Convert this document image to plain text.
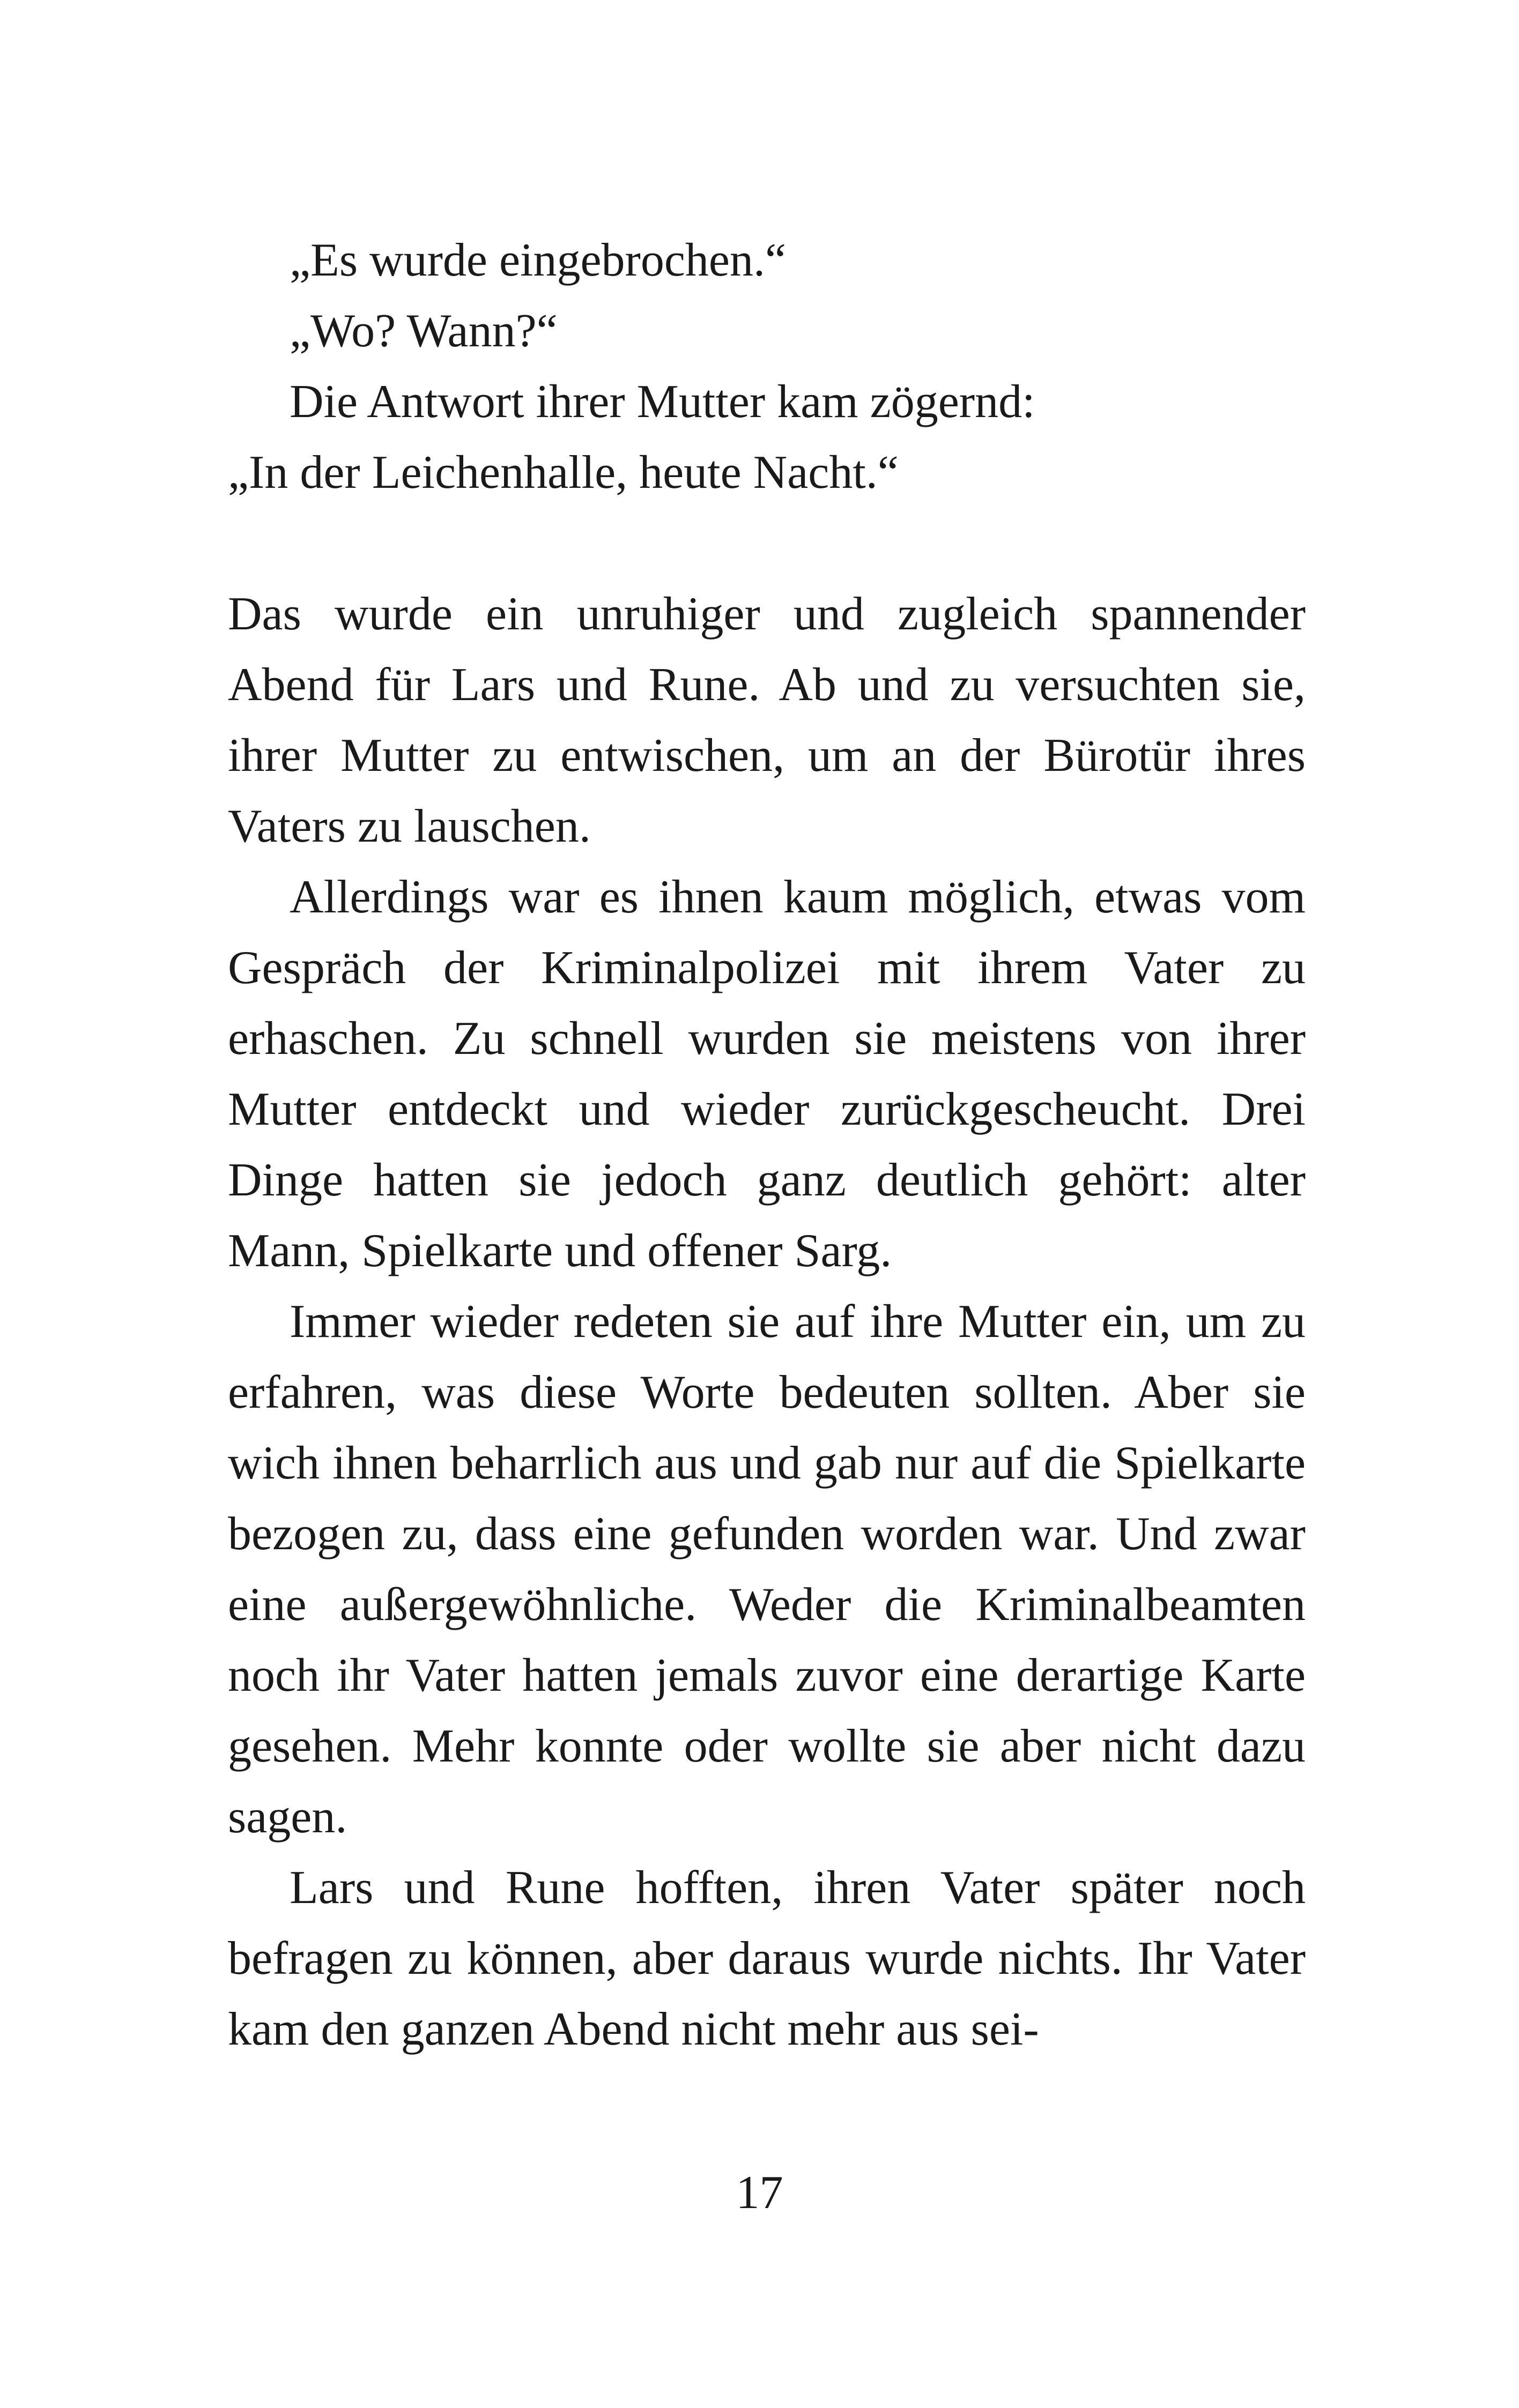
„Es wurde eingebrochen.“

„Wo? Wann?“

Die Antwort ihrer Mutter kam zögernd:

„In der Leichenhalle, heute Nacht.“

Das wurde ein unruhiger und zugleich spannender Abend für Lars und Rune. Ab und zu versuchten sie, ihrer Mutter zu entwischen, um an der Bürotür ihres Vaters zu lauschen.

Allerdings war es ihnen kaum möglich, etwas vom Gespräch der Kriminalpolizei mit ihrem Vater zu erhaschen. Zu schnell wurden sie meistens von ihrer Mutter entdeckt und wieder zurückgescheucht. Drei Dinge hatten sie jedoch ganz deutlich gehört: alter Mann, Spielkarte und offener Sarg.

Immer wieder redeten sie auf ihre Mutter ein, um zu erfahren, was diese Worte bedeuten sollten. Aber sie wich ihnen beharrlich aus und gab nur auf die Spielkarte bezogen zu, dass eine gefunden worden war. Und zwar eine außergewöhnliche. Weder die Kriminalbeamten noch ihr Vater hatten jemals zuvor eine derartige Karte gesehen. Mehr konnte oder wollte sie aber nicht dazu sagen.

Lars und Rune hofften, ihren Vater später noch befragen zu können, aber daraus wurde nichts. Ihr Vater kam den ganzen Abend nicht mehr aus sei-

17
